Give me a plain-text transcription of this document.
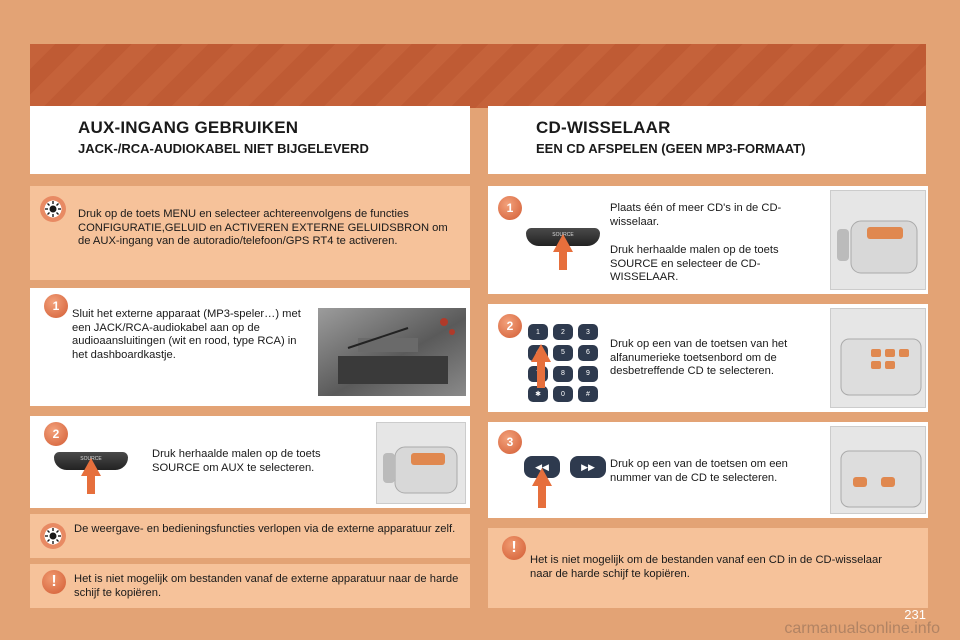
AUX-INGANG GEBRUIKEN
JACK-/RCA-AUDIOKABEL NIET BIJGELEVERD
Druk op de toets MENU en selecteer achtereenvolgens de functies CONFIGURATIE,GELUID en ACTIVEREN EXTERNE GELUIDSBRON om de AUX-ingang van de autoradio/telefoon/GPS RT4 te activeren.
1
Sluit het externe apparaat (MP3-speler…) met een JACK/RCA-audiokabel aan op de audioaansluitingen (wit en rood, type RCA) in het dashboardkastje.
2
SOURCE	Druk herhaalde malen op de toets SOURCE om AUX te selecteren.
De weergave- en bedieningsfuncties verlopen via de externe apparatuur zelf.
!	Het is niet mogelijk om bestanden vanaf de externe apparatuur naar de harde schijf te kopiëren.
CD-WISSELAAR
EEN CD AFSPELEN (GEEN MP3-FORMAAT)
1
SOURCE
Plaats één of meer CD's in de CD-wisselaar.
Druk herhaalde malen op de toets SOURCE en selecteer de CD-WISSELAAR.
2	1	2	3
4	5	6
8	9
✱	0	#
Druk op een van de toetsen van het alfanumerieke toetsenbord om de desbetreffende CD te selecteren.
3
◀◀	▶▶	Druk op een van de toetsen om een nummer van de CD te selecteren.
!
Het is niet mogelijk om de bestanden vanaf een CD in de CD-wisselaar naar de harde schijf te kopiëren.
231
carmanualsonline.info
